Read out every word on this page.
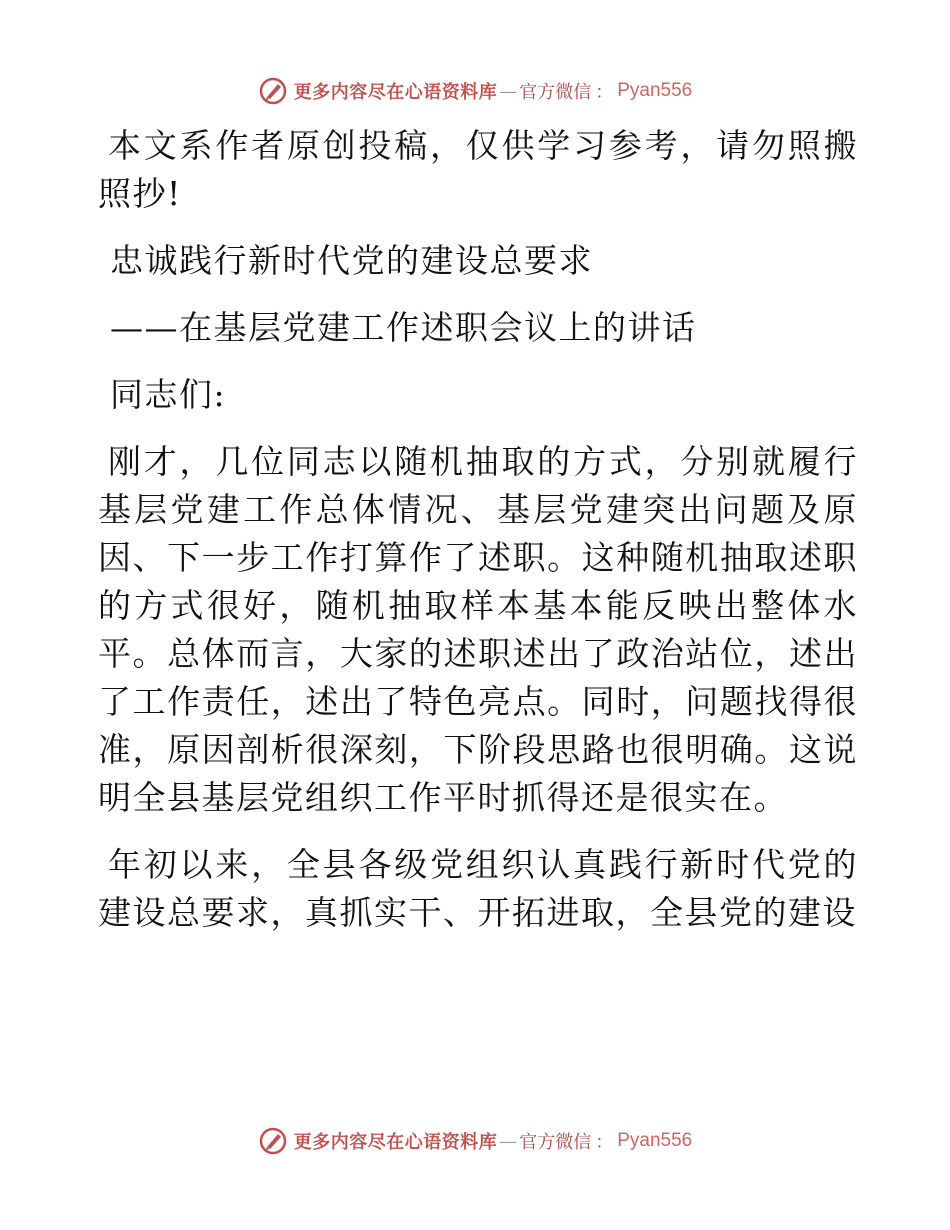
更多内容尽在心语资料库 — 官方微信 ： Pyan556

本文系作者原创投稿，仅供学习参考，请勿照搬照抄!

忠诚践行新时代党的建设总要求

——在基层党建工作述职会议上的讲话

同志们:

刚才，几位同志以随机抽取的方式，分别就履行基层党建工作总体情况、基层党建突出问题及原因、下一步工作打算作了述职。这种随机抽取述职的方式很好，随机抽取样本基本能反映出整体水平。总体而言，大家的述职述出了政治站位，述出了工作责任，述出了特色亮点。同时，问题找得很准，原因剖析很深刻，下阶段思路也很明确。这说明全县基层党组织工作平时抓得还是很实在。

年初以来，全县各级党组织认真践行新时代党的建设总要求，真抓实干、开拓进取，全县党的建设

更多内容尽在心语资料库 — 官方微信 ： Pyan556
